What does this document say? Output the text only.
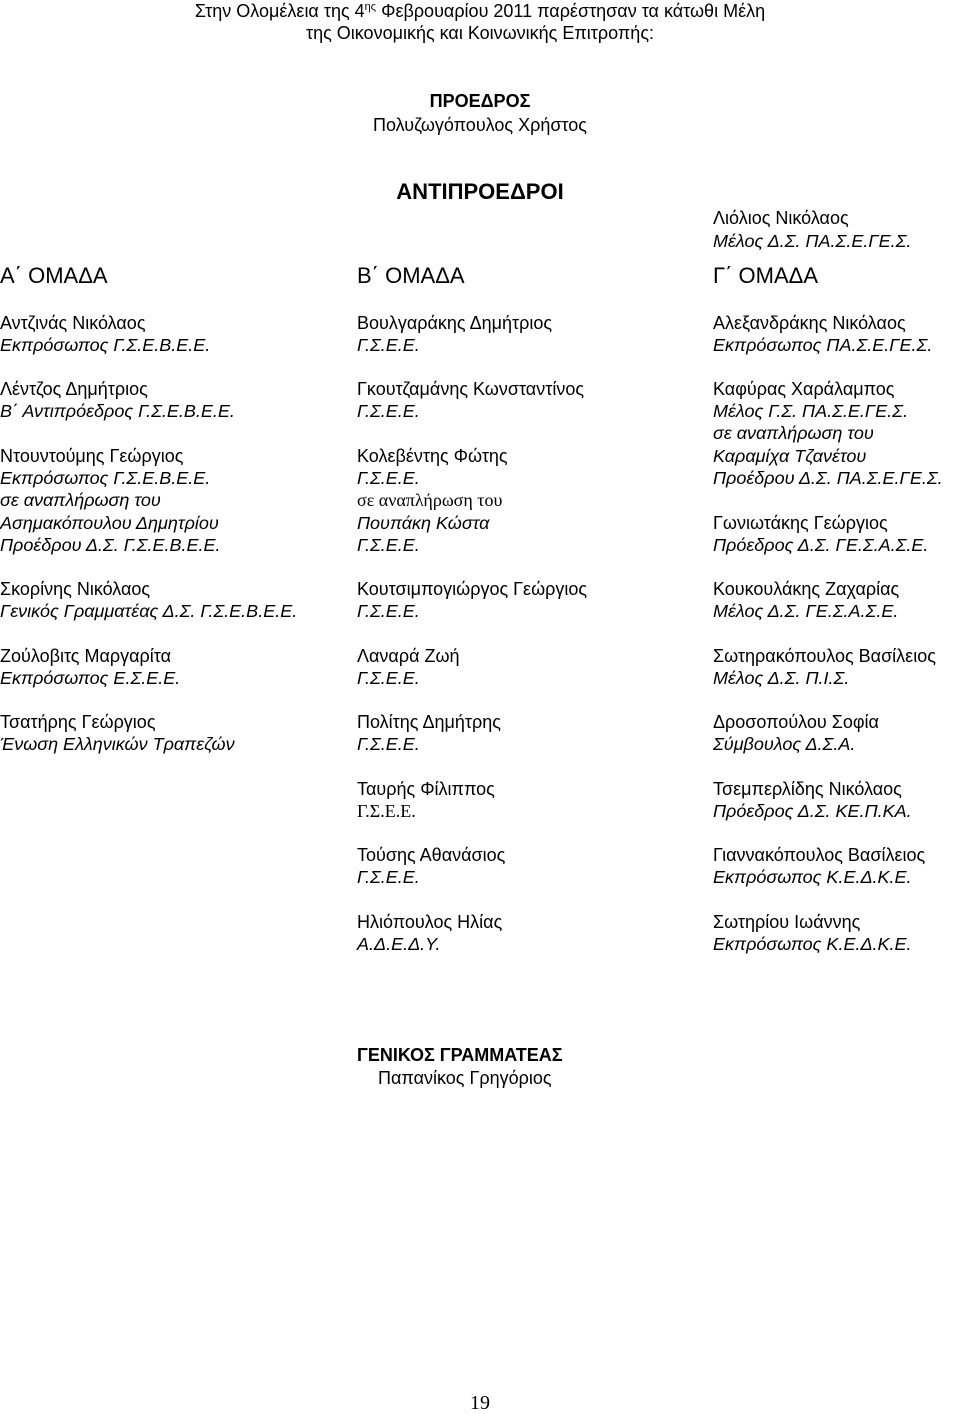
Στην Ολομέλεια της $4^{\eta\varsigma}$ Φεβρουαρίου 2011 παρέστησαν τα κάτωθι Μέλη
της Οικονομικής και Κοινωνικής Επιτροπής:
ΠΡΟΕΔΡΟΣ
Πολυζωγόπουλος Χρήστος
ΑΝΤΙΠΡΟΕΔΡΟΙ
Λιόλιος Νικόλαος
Μέλος Δ.Σ. ΠΑ.Σ.Ε.ΓΕ.Σ.
Α΄ ΟΜΑΔΑ	Β΄ ΟΜΑΔΑ	Γ΄ ΟΜΑΔΑ
Αντζινάς Νικόλαος
Εκπρόσωπος Γ.Σ.Ε.Β.Ε.Ε.
Λέντζος Δημήτριος
Β΄ Αντιπρόεδρος Γ.Σ.Ε.Β.Ε.Ε.
Ντουντούμης Γεώργιος
Εκπρόσωπος Γ.Σ.Ε.Β.Ε.Ε.
σε αναπλήρωση του
Ασημακόπουλου Δημητρίου
Προέδρου Δ.Σ. Γ.Σ.Ε.Β.Ε.Ε.
Σκορίνης Νικόλαος
Γενικός Γραμματέας Δ.Σ. Γ.Σ.Ε.Β.Ε.Ε.
Ζούλοβιτς Μαργαρίτα
Εκπρόσωπος Ε.Σ.Ε.Ε.
Τσατήρης Γεώργιος
Ένωση Ελληνικών Τραπεζών
Βουλγαράκης Δημήτριος
Γ.Σ.Ε.Ε.
Γκουτζαμάνης Κωνσταντίνος
Γ.Σ.Ε.Ε.
Κολεβέντης Φώτης
Γ.Σ.Ε.Ε.
σε αναπλήρωση του
Πουπάκη Κώστα
Γ.Σ.Ε.Ε.
Κουτσιμπογιώργος Γεώργιος
Γ.Σ.Ε.Ε.
Λαναρά Ζωή
Γ.Σ.Ε.Ε.
Πολίτης Δημήτρης
Γ.Σ.Ε.Ε.
Ταυρής Φίλιππος
Γ.Σ.Ε.Ε.
Τούσης Αθανάσιος
Γ.Σ.Ε.Ε.
Ηλιόπουλος Ηλίας
Α.Δ.Ε.Δ.Υ.
Αλεξανδράκης Νικόλαος
Εκπρόσωπος ΠΑ.Σ.Ε.ΓΕ.Σ.
Καφύρας Χαράλαμπος
Μέλος Γ.Σ. ΠΑ.Σ.Ε.ΓΕ.Σ.
σε αναπλήρωση του
Καραμίχα Τζανέτου
Προέδρου Δ.Σ. ΠΑ.Σ.Ε.ΓΕ.Σ.
Γωνιωτάκης Γεώργιος
Πρόεδρος Δ.Σ. ΓΕ.Σ.Α.Σ.Ε.
Κουκουλάκης Ζαχαρίας
Μέλος Δ.Σ. ΓΕ.Σ.Α.Σ.Ε.
Σωτηρακόπουλος Βασίλειος
Μέλος Δ.Σ. Π.Ι.Σ.
Δροσοπούλου Σοφία
Σύμβουλος Δ.Σ.Α.
Τσεμπερλίδης Νικόλαος
Πρόεδρος Δ.Σ. ΚΕ.Π.ΚΑ.
Γιαννακόπουλος Βασίλειος
Εκπρόσωπος Κ.Ε.Δ.Κ.Ε.
Σωτηρίου Ιωάννης
Εκπρόσωπος Κ.Ε.Δ.Κ.Ε.
ΓΕΝΙΚΟΣ ΓΡΑΜΜΑΤΕΑΣ
Παπανίκος Γρηγόριος
19
